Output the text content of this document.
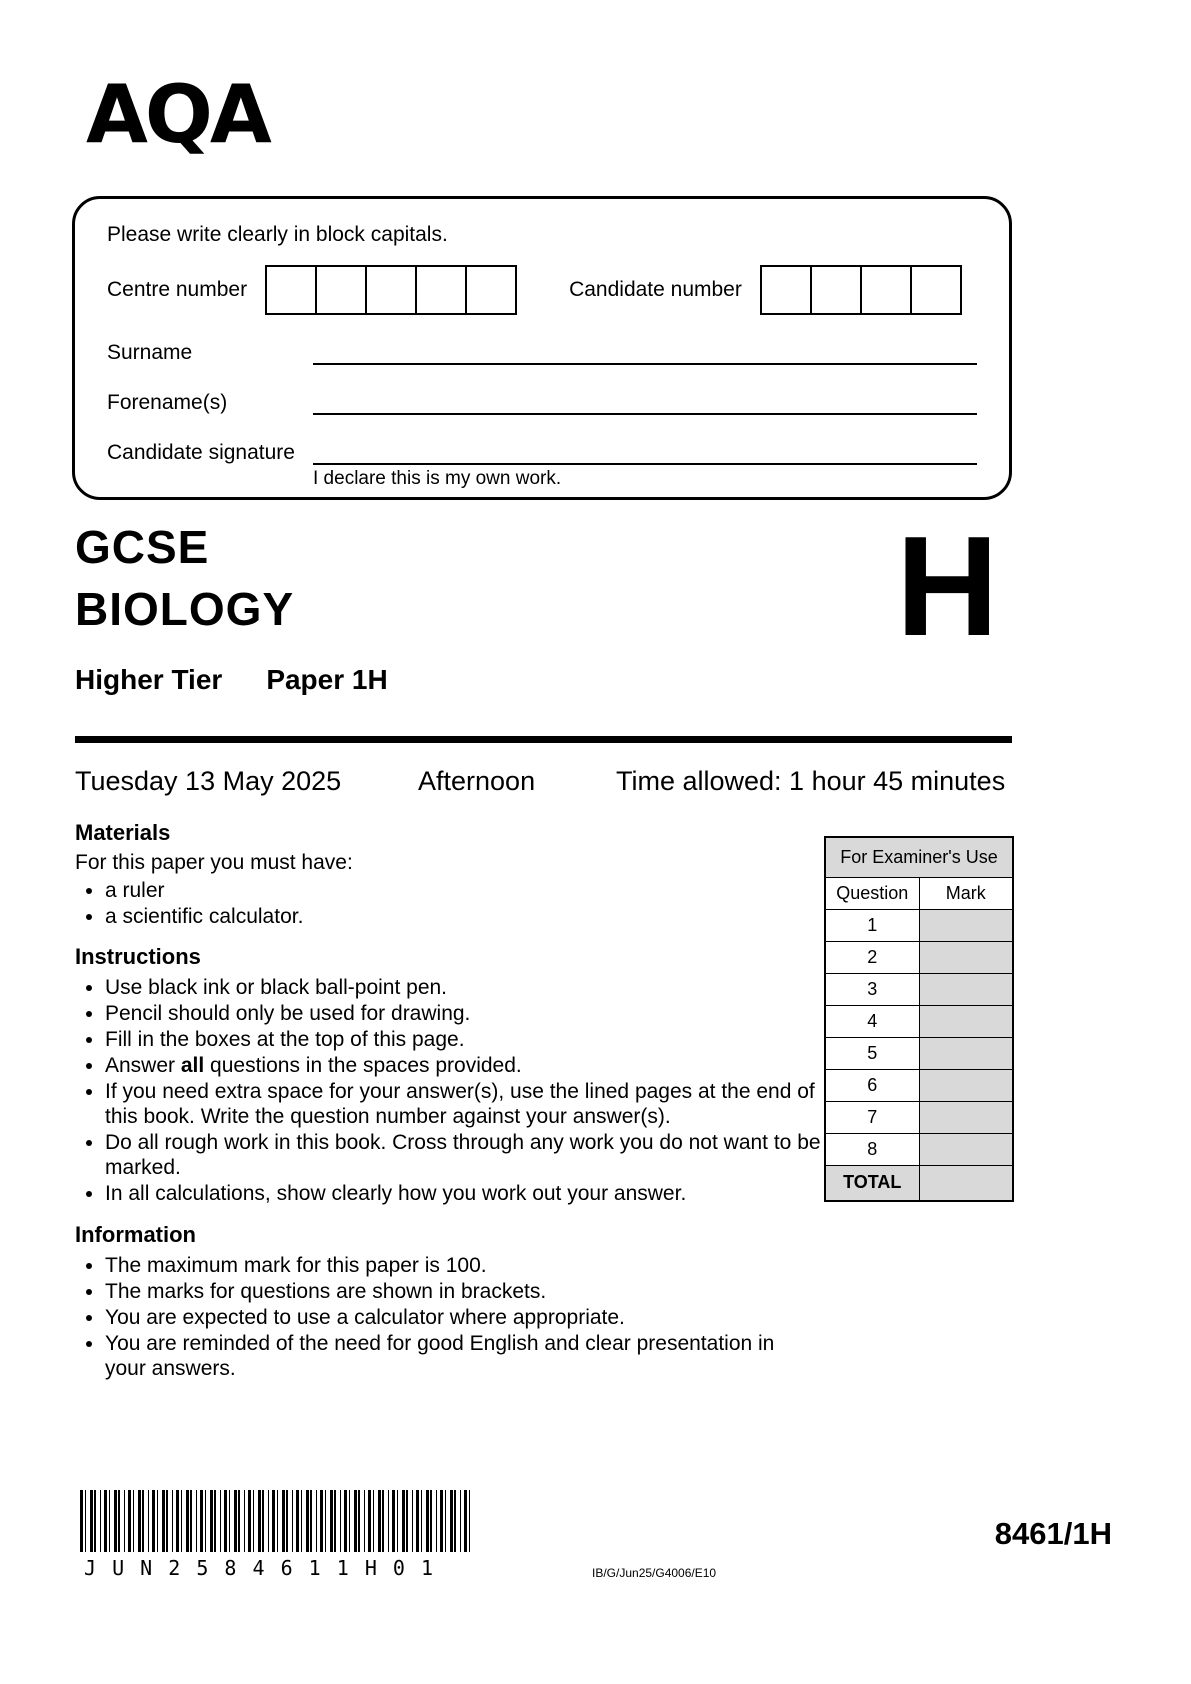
AQA
Please write clearly in block capitals.
Centre number	Candidate number
Surname
Forename(s)
Candidate signature
I declare this is my own work.
GCSE
BIOLOGY	H
Higher Tier Paper 1H
Tuesday 13 May 2025	Afternoon	Time allowed: 1 hour 45 minutes
Materials
For this paper you must have:
• a ruler
• a scientific calculator.
For Examiner's Use	
Question	Mark
1	
2	
3	
4	
5	
6	
7	
8	
TOTAL	
Instructions
• Use black ink or black ball-point pen.
• Pencil should only be used for drawing.
• Fill in the boxes at the top of this page.
• Answer all questions in the spaces provided.
• If you need extra space for your answer(s), use the lined pages at the end of this book. Write the question number against your answer(s).
• Do all rough work in this book. Cross through any work you do not want to be marked.
• In all calculations, show clearly how you work out your answer.
Information
• The maximum mark for this paper is 100.
• The marks for questions are shown in brackets.
• You are expected to use a calculator where appropriate.
• You are reminded of the need for good English and clear presentation in your answers.
J U N 2 5 8 4 6 1 1 H 0 1
8461/1H
IB/G/Jun25/G4006/E10
